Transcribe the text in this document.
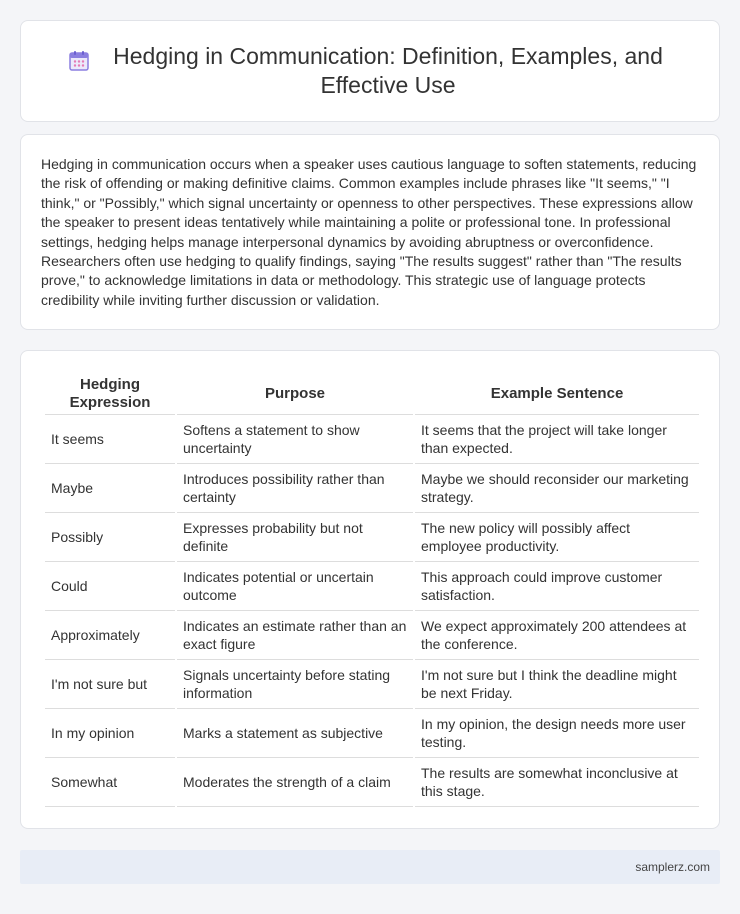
Hedging in Communication: Definition, Examples, and Effective Use

Hedging in communication occurs when a speaker uses cautious language to soften statements, reducing the risk of offending or making definitive claims. Common examples include phrases like "It seems," "I think," or "Possibly," which signal uncertainty or openness to other perspectives. These expressions allow the speaker to present ideas tentatively while maintaining a polite or professional tone. In professional settings, hedging helps manage interpersonal dynamics by avoiding abruptness or overconfidence. Researchers often use hedging to qualify findings, saying "The results suggest" rather than "The results prove," to acknowledge limitations in data or methodology. This strategic use of language protects credibility while inviting further discussion or validation.

Hedging Expression	Purpose	Example Sentence
It seems	Softens a statement to show uncertainty	It seems that the project will take longer than expected.
Maybe	Introduces possibility rather than certainty	Maybe we should reconsider our marketing strategy.
Possibly	Expresses probability but not definite	The new policy will possibly affect employee productivity.
Could	Indicates potential or uncertain outcome	This approach could improve customer satisfaction.
Approximately	Indicates an estimate rather than an exact figure	We expect approximately 200 attendees at the conference.
I'm not sure but	Signals uncertainty before stating information	I'm not sure but I think the deadline might be next Friday.
In my opinion	Marks a statement as subjective	In my opinion, the design needs more user testing.
Somewhat	Moderates the strength of a claim	The results are somewhat inconclusive at this stage.
samplerz.com
